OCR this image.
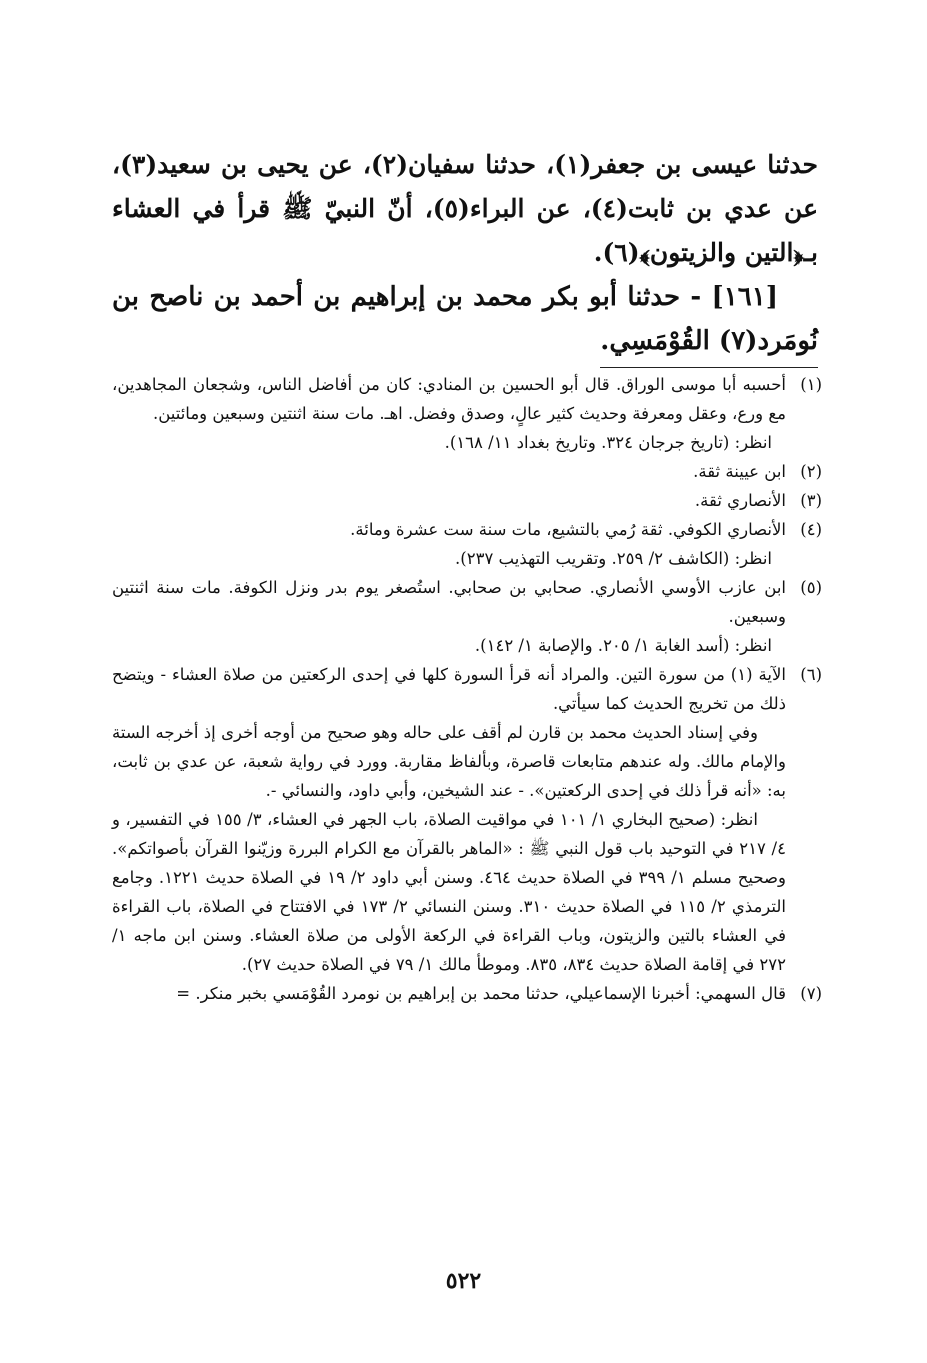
حدثنا عيسى بن جعفر(١)، حدثنا سفيان(٢)، عن يحيى بن سعيد(٣)، عن عدي بن ثابت(٤)، عن البراء(٥)، أنّ النبيّ ﷺ قرأ في العشاء بـ﴿التين والزيتون﴾(٦).

[١٦١] - حدثنا أبو بكر محمد بن إبراهيم بن أحمد بن ناصح بن نُومَرد(٧) القُوْمَسِي.

(١)
أحسبه أبا موسى الوراق. قال أبو الحسين بن المنادي: كان من أفاضل الناس، وشجعان المجاهدين، مع ورع، وعقل ومعرفة وحديث كثير عالٍ، وصدق وفضل. اهـ. مات سنة اثنتين وسبعين ومائتين.
انظر: (تاريخ جرجان ٣٢٤. وتاريخ بغداد ١١/ ١٦٨).

(٢)
ابن عيينة ثقة.

(٣)
الأنصاري ثقة.

(٤)
الأنصاري الكوفي. ثقة رُمي بالتشيع، مات سنة ست عشرة ومائة.
انظر: (الكاشف ٢/ ٢٥٩. وتقريب التهذيب ٢٣٧).

(٥)
ابن عازب الأوسي الأنصاري. صحابي بن صحابي. استُصغر يوم بدر ونزل الكوفة. مات سنة اثنتين وسبعين.
انظر: (أسد الغابة ١/ ٢٠٥. والإصابة ١/ ١٤٢).

(٦)
الآية (١) من سورة التين. والمراد أنه قرأ السورة كلها في إحدى الركعتين من صلاة العشاء - ويتضح ذلك من تخريج الحديث كما سيأتي.
وفي إسناد الحديث محمد بن قارن لم أقف على حاله وهو صحيح من أوجه أخرى إذ أخرجه الستة والإمام مالك. وله عندهم متابعات قاصرة، وبألفاظ مقاربة. وورد في رواية شعبة، عن عدي بن ثابت، به: «أنه قرأ ذلك في إحدى الركعتين». - عند الشيخين، وأبي داود، والنسائي -.
انظر: (صحيح البخاري ١/ ١٠١ في مواقيت الصلاة، باب الجهر في العشاء، ٣/ ١٥٥ في التفسير، و ٤/ ٢١٧ في التوحيد باب قول النبي ﷺ : «الماهر بالقرآن مع الكرام البررة وزيّنوا القرآن بأصواتكم». وصحيح مسلم ١/ ٣٩٩ في الصلاة حديث ٤٦٤. وسنن أبي داود ٢/ ١٩ في الصلاة حديث ١٢٢١. وجامع الترمذي ٢/ ١١٥ في الصلاة حديث ٣١٠. وسنن النسائي ٢/ ١٧٣ في الافتتاح في الصلاة، باب القراءة في العشاء بالتين والزيتون، وباب القراءة في الركعة الأولى من صلاة العشاء. وسنن ابن ماجه ١/ ٢٧٢ في إقامة الصلاة حديث ٨٣٤، ٨٣٥. وموطأ مالك ١/ ٧٩ في الصلاة حديث ٢٧).

(٧)
قال السهمي: أخبرنا الإسماعيلي، حدثنا محمد بن إبراهيم بن نومرد القُوْمَسي بخبر منكر. =

٥٢٢
